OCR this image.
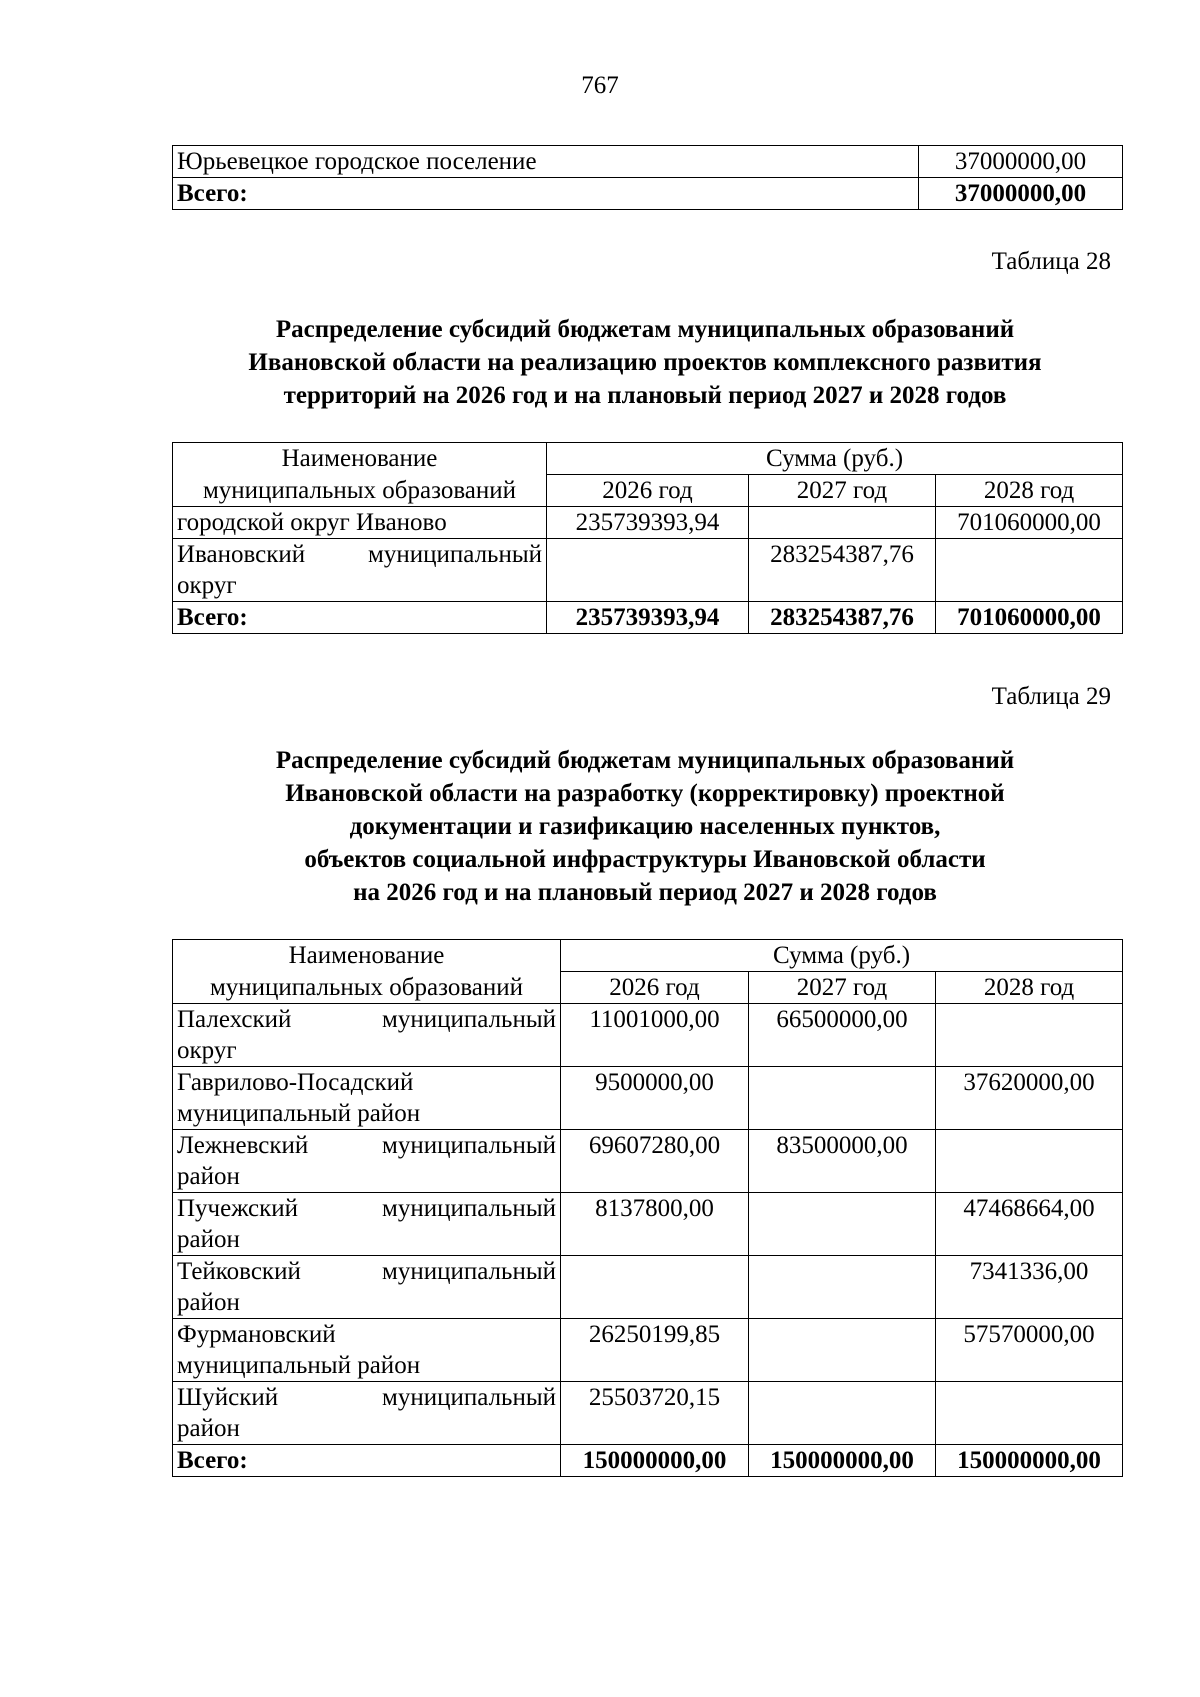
767
Юрьевецкое городское поселение	37000000,00
Всего:	37000000,00
Таблица 28
Распределение субсидий бюджетам муниципальных образований
Ивановской области на реализацию проектов комплексного развития
территорий на 2026 год и на плановый период 2027 и 2028 годов
Наименование	Сумма (руб.)		
муниципальных образований	2026 год	2027 год	2028 год
городской округ Иваново	235739393,94		701060000,00

Ивановский муниципальный
округ		283254387,76	
Всего:	235739393,94	283254387,76	701060000,00
Таблица 29
Распределение субсидий бюджетам муниципальных образований
Ивановской области на разработку (корректировку) проектной
документации и газификацию населенных пунктов,
объектов социальной инфраструктуры Ивановской области
на 2026 год и на плановый период 2027 и 2028 годов
Наименование	Сумма (руб.)		
муниципальных образований	2026 год	2027 год	2028 год

Палехский муниципальный
округ	11001000,00	66500000,00	

Гаврилово-Посадский
муниципальный район	9500000,00		37620000,00

Лежневский муниципальный
район	69607280,00	83500000,00	

Пучежский муниципальный
район	8137800,00		47468664,00

Тейковский муниципальный
район			7341336,00

Фурмановский
муниципальный район	26250199,85		57570000,00

Шуйский муниципальный
район	25503720,15		
Всего:	150000000,00	150000000,00	150000000,00
